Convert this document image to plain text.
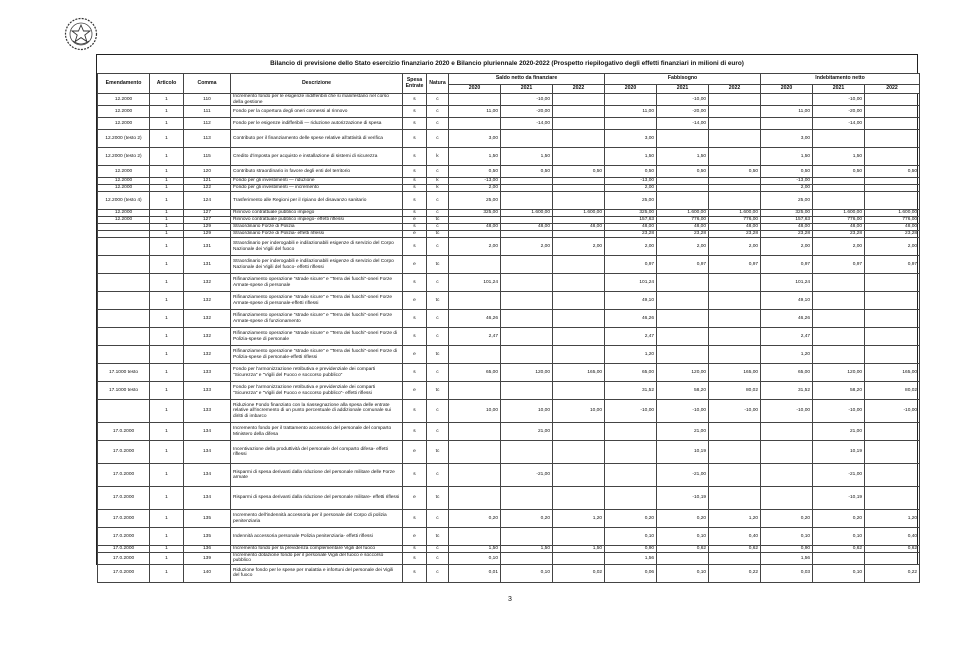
Bilancio di previsione dello Stato esercizio finanziario 2020 e Bilancio pluriennale 2020-2022 (Prospetto riepilogativo degli effetti finanziari in milioni di euro)
Emendamento	Articolo	Comma	Descrizione	Spesa Entrate	Natura	Saldo netto da finanziare			Fabbisogno			Indebitamento netto		
						2020	2021	2022	2020	2021	2022	2020	2021	2022
12.2000	1	110	Incremento fondo per le esigenze indifferibili che si manifestano nel corso della gestione	s	c		-10,00			-10,00			-10,00	
12.2000	1	111	Fondo per la copertura degli oneri connessi al rinnovo	s	c	11,00	-20,00		11,00	-20,00		11,00	-20,00	
12.2000	1	112	Fondo per le esigenze indifferibili — riduzione autorizzazione di spesa	s	c		-14,00			-14,00			-14,00	
12.2000 (testo 2)	1	113	Contributo per il finanziamento delle spese relative all'attività di verifica	s	c	3,00			3,00			3,00		
12.2000 (testo 2)	1	115	Credito d'imposta per acquisto e installazione di sistemi di sicurezza	s	k	1,50	1,50		1,50	1,50		1,50	1,50	
12.2000	1	120	Contributo straordinario in favore degli enti del territorio	s	c	0,50	0,50	0,50	0,50	0,50	0,50	0,50	0,50	0,50
12.2000	1	121	Fondo per gli investimenti — riduzione	s	k	-13,00			-13,00			-13,00		
12.2000	1	122	Fondo per gli investimenti — incremento	s	k	2,00			2,00			2,00		
12.2000 (testo 4)	1	124	Trasferimento alle Regioni per il ripiano del disavanzo sanitario	s	c	25,00			25,00			25,00		
12.2000	1	127	Rinnovo contrattuale pubblico impiego	s	c	325,00	1.600,00	1.600,00	325,00	1.600,00	1.600,00	325,00	1.600,00	1.600,00
12.2000	1	127	Rinnovo contrattuale pubblico impiego- effetti riflessi	e	tc				157,63	776,00	776,00	157,63	776,00	776,00
	1	129	Straordinario Forze di Polizia	s	c	48,00	48,00	48,00	48,00	48,00	48,00	48,00	48,00	48,00
	1	129	Straordinario Forze di Polizia- effetti riflessi	e	tc				23,28	23,28	23,28	23,28	23,28	23,28
	1	131	Straordinario per inderogabili e indilazionabili esigenze di servizio del Corpo Nazionale dei Vigili del fuoco	s	c	2,00	2,00	2,00	2,00	2,00	2,00	2,00	2,00	2,00
	1	131	Straordinario per inderogabili e indilazionabili esigenze di servizio del Corpo Nazionale dei Vigili del fuoco- effetti riflessi	e	tc				0,97	0,97	0,97	0,97	0,97	0,97
	1	132	Rifinanziamento operazione "strade sicure" e "Terra dei fuochi"-oneri Forze Armate-spese di personale	s	c	101,24			101,24			101,24		
	1	132	Rifinanziamento operazione "strade sicure" e "Terra dei fuochi"-oneri Forze Armate-spese di personale-effetti riflessi	e	tc				49,10			49,10		
	1	132	Rifinanziamento operazione "strade sicure" e "Terra dei fuochi"-oneri Forze Armate-spese di funzionamento	s	c	46,26			46,26			46,26		
	1	132	Rifinanziamento operazione "strade sicure" e "Terra dei fuochi"-oneri Forze di Polizia-spese di personale	s	c	2,47			2,47			2,47		
	1	132	Rifinanziamento operazione "strade sicure" e "Terra dei fuochi"-oneri Forze di Polizia-spese di personale-effetti riflessi	e	tc				1,20			1,20		
17.1000 testo	1	133	Fondo per l'armonizzazione retributiva e previdenziale dei comparti "Sicurezza" e "Vigili del Fuoco e soccorso pubblico"	s	c	65,00	120,00	165,00	65,00	120,00	165,00	65,00	120,00	165,00
17.1000 testo	1	133	Fondo per l'armonizzazione retributiva e previdenziale dei comparti "Sicurezza" e "Vigili del Fuoco e soccorso pubblico"- effetti riflessi	e	tc				31,52	58,20	80,02	31,52	58,20	80,02
	1	133	Riduzione Fondo finanziato con la riassegnazione alla spesa delle entrate relative all'incremento di un punto percentuale di addizionale comunale sui diritti di imbarco	s	c	10,00	10,00	10,00	-10,00	-10,00	-10,00	-10,00	-10,00	-10,00
17.0.2000	1	134	Incremento fondo per il trattamento accessorio del personale del comparto Ministero della difesa	s	c		21,00			21,00			21,00	
17.0.2000	1	134	Incentivazione della produttività del personale del comparto difesa- effetti riflessi	e	tc					10,19			10,19	
17.0.2000	1	134	Risparmi di spesa derivanti dalla riduzione del personale militare delle Forze armate	s	c		-21,00			-21,00			-21,00	
17.0.2000	1	134	Risparmi di spesa derivanti dalla riduzione del personale militare- effetti riflessi	e	tc					-10,19			-10,19	
17.0.2000	1	135	Incremento dell'indennità accessoria per il personale del Corpo di polizia penitenziaria	s	c	0,20	0,20	1,20	0,20	0,20	1,20	0,20	0,20	1,20
17.0.2000	1	135	Indennità accessoria personale Polizia penitenziaria- effetti riflessi	e	tc				0,10	0,10	0,40	0,10	0,10	0,40
17.0.2000	1	136	Incremento fondo per la previdenza complementare Vigili del fuoco	s	c	1,50	1,50	1,50	0,90	0,62	0,62	0,90	0,62	0,62
17.0.2000	1	139	Incremento dotazione fondo per il personale Vigili del fuoco e soccorso pubblico	s	c	0,10			1,56			1,56		
17.0.2000	1	140	Riduzione fondo per le spese per malattia e infortuni del personale dei Vigili del fuoco	s	c	0,01	0,10	0,02	0,06	0,10	0,22	0,03	0,10	0,22
3
